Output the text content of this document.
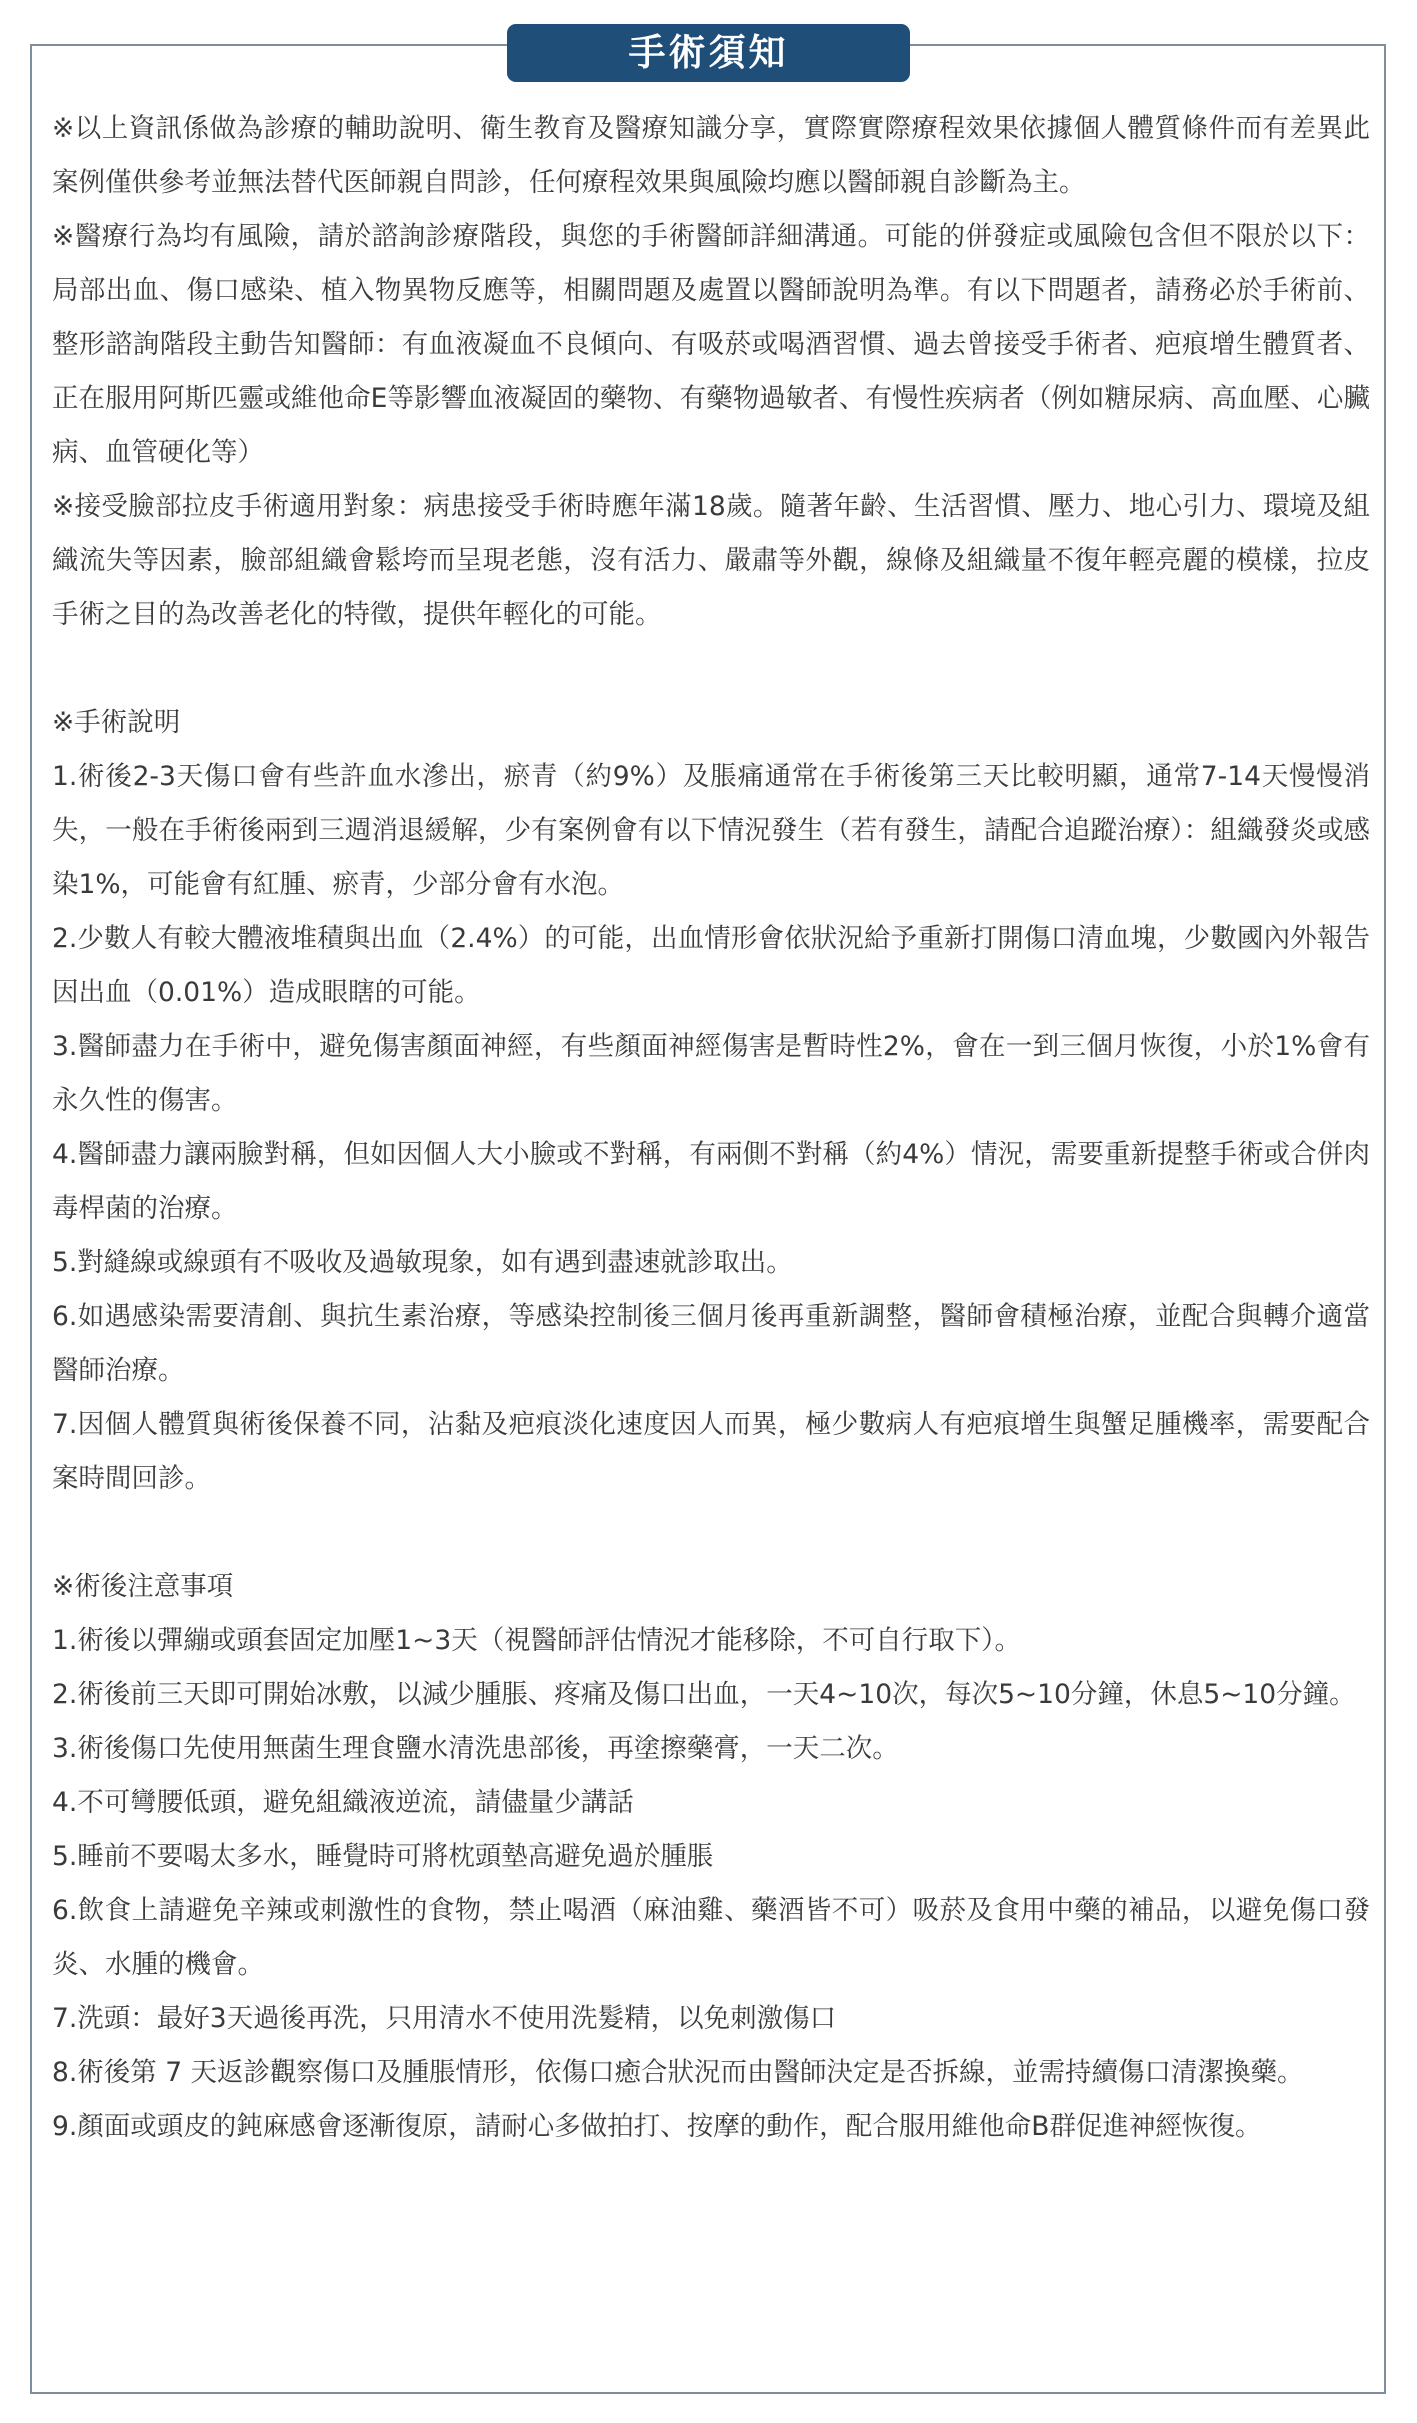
手術須知

※以上資訊係做為診療的輔助說明、衛生教育及醫療知識分享，實際實際療程效果依據個人體質條件而有差異此案例僅供參考並無法替代医師親自問診，任何療程效果與風險均應以醫師親自診斷為主。

※醫療行為均有風險，請於諮詢診療階段，與您的手術醫師詳細溝通。可能的併發症或風險包含但不限於以下：局部出血、傷口感染、植入物異物反應等，相關問題及處置以醫師說明為準。有以下問題者，請務必於手術前、整形諮詢階段主動告知醫師：有血液凝血不良傾向、有吸菸或喝酒習慣、過去曾接受手術者、疤痕增生體質者、正在服用阿斯匹靈或維他命E等影響血液凝固的藥物、有藥物過敏者、有慢性疾病者（例如糖尿病、高血壓、心臟病、血管硬化等）

※接受臉部拉皮手術適用對象：病患接受手術時應年滿18歲。隨著年齡、生活習慣、壓力、地心引力、環境及組織流失等因素，臉部組織會鬆垮而呈現老態，沒有活力、嚴肅等外觀，線條及組織量不復年輕亮麗的模樣，拉皮手術之目的為改善老化的特徵，提供年輕化的可能。

※手術說明

1.術後2-3天傷口會有些許血水滲出，瘀青（約9%）及脹痛通常在手術後第三天比較明顯，通常7-14天慢慢消失，一般在手術後兩到三週消退緩解，少有案例會有以下情況發生（若有發生，請配合追蹤治療）：組織發炎或感染1%，可能會有紅腫、瘀青，少部分會有水泡。

2.少數人有較大體液堆積與出血（2.4%）的可能，出血情形會依狀況給予重新打開傷口清血塊，少數國內外報告因出血（0.01%）造成眼瞎的可能。

3.醫師盡力在手術中，避免傷害顏面神經，有些顏面神經傷害是暫時性2%，會在一到三個月恢復，小於1%會有永久性的傷害。

4.醫師盡力讓兩臉對稱，但如因個人大小臉或不對稱，有兩側不對稱（約4%）情況，需要重新提整手術或合併肉毒桿菌的治療。

5.對縫線或線頭有不吸收及過敏現象，如有遇到盡速就診取出。

6.如遇感染需要清創、與抗生素治療，等感染控制後三個月後再重新調整，醫師會積極治療，並配合與轉介適當醫師治療。

7.因個人體質與術後保養不同，沾黏及疤痕淡化速度因人而異，極少數病人有疤痕增生與蟹足腫機率，需要配合案時間回診。

※術後注意事項

1.術後以彈繃或頭套固定加壓1~3天（視醫師評估情況才能移除，不可自行取下）。

2.術後前三天即可開始冰敷，以減少腫脹、疼痛及傷口出血，一天4~10次，每次5~10分鐘，休息5~10分鐘。

3.術後傷口先使用無菌生理食鹽水清洗患部後，再塗擦藥膏，一天二次。

4.不可彎腰低頭，避免組織液逆流，請儘量少講話

5.睡前不要喝太多水，睡覺時可將枕頭墊高避免過於腫脹

6.飲食上請避免辛辣或刺激性的食物，禁止喝酒（麻油雞、藥酒皆不可）吸菸及食用中藥的補品，以避免傷口發炎、水腫的機會。

7.洗頭：最好3天過後再洗，只用清水不使用洗髮精，以免刺激傷口

8.術後第 7 天返診觀察傷口及腫脹情形，依傷口癒合狀況而由醫師決定是否拆線，並需持續傷口清潔換藥。

9.顏面或頭皮的鈍麻感會逐漸復原，請耐心多做拍打、按摩的動作，配合服用維他命B群促進神經恢復。
